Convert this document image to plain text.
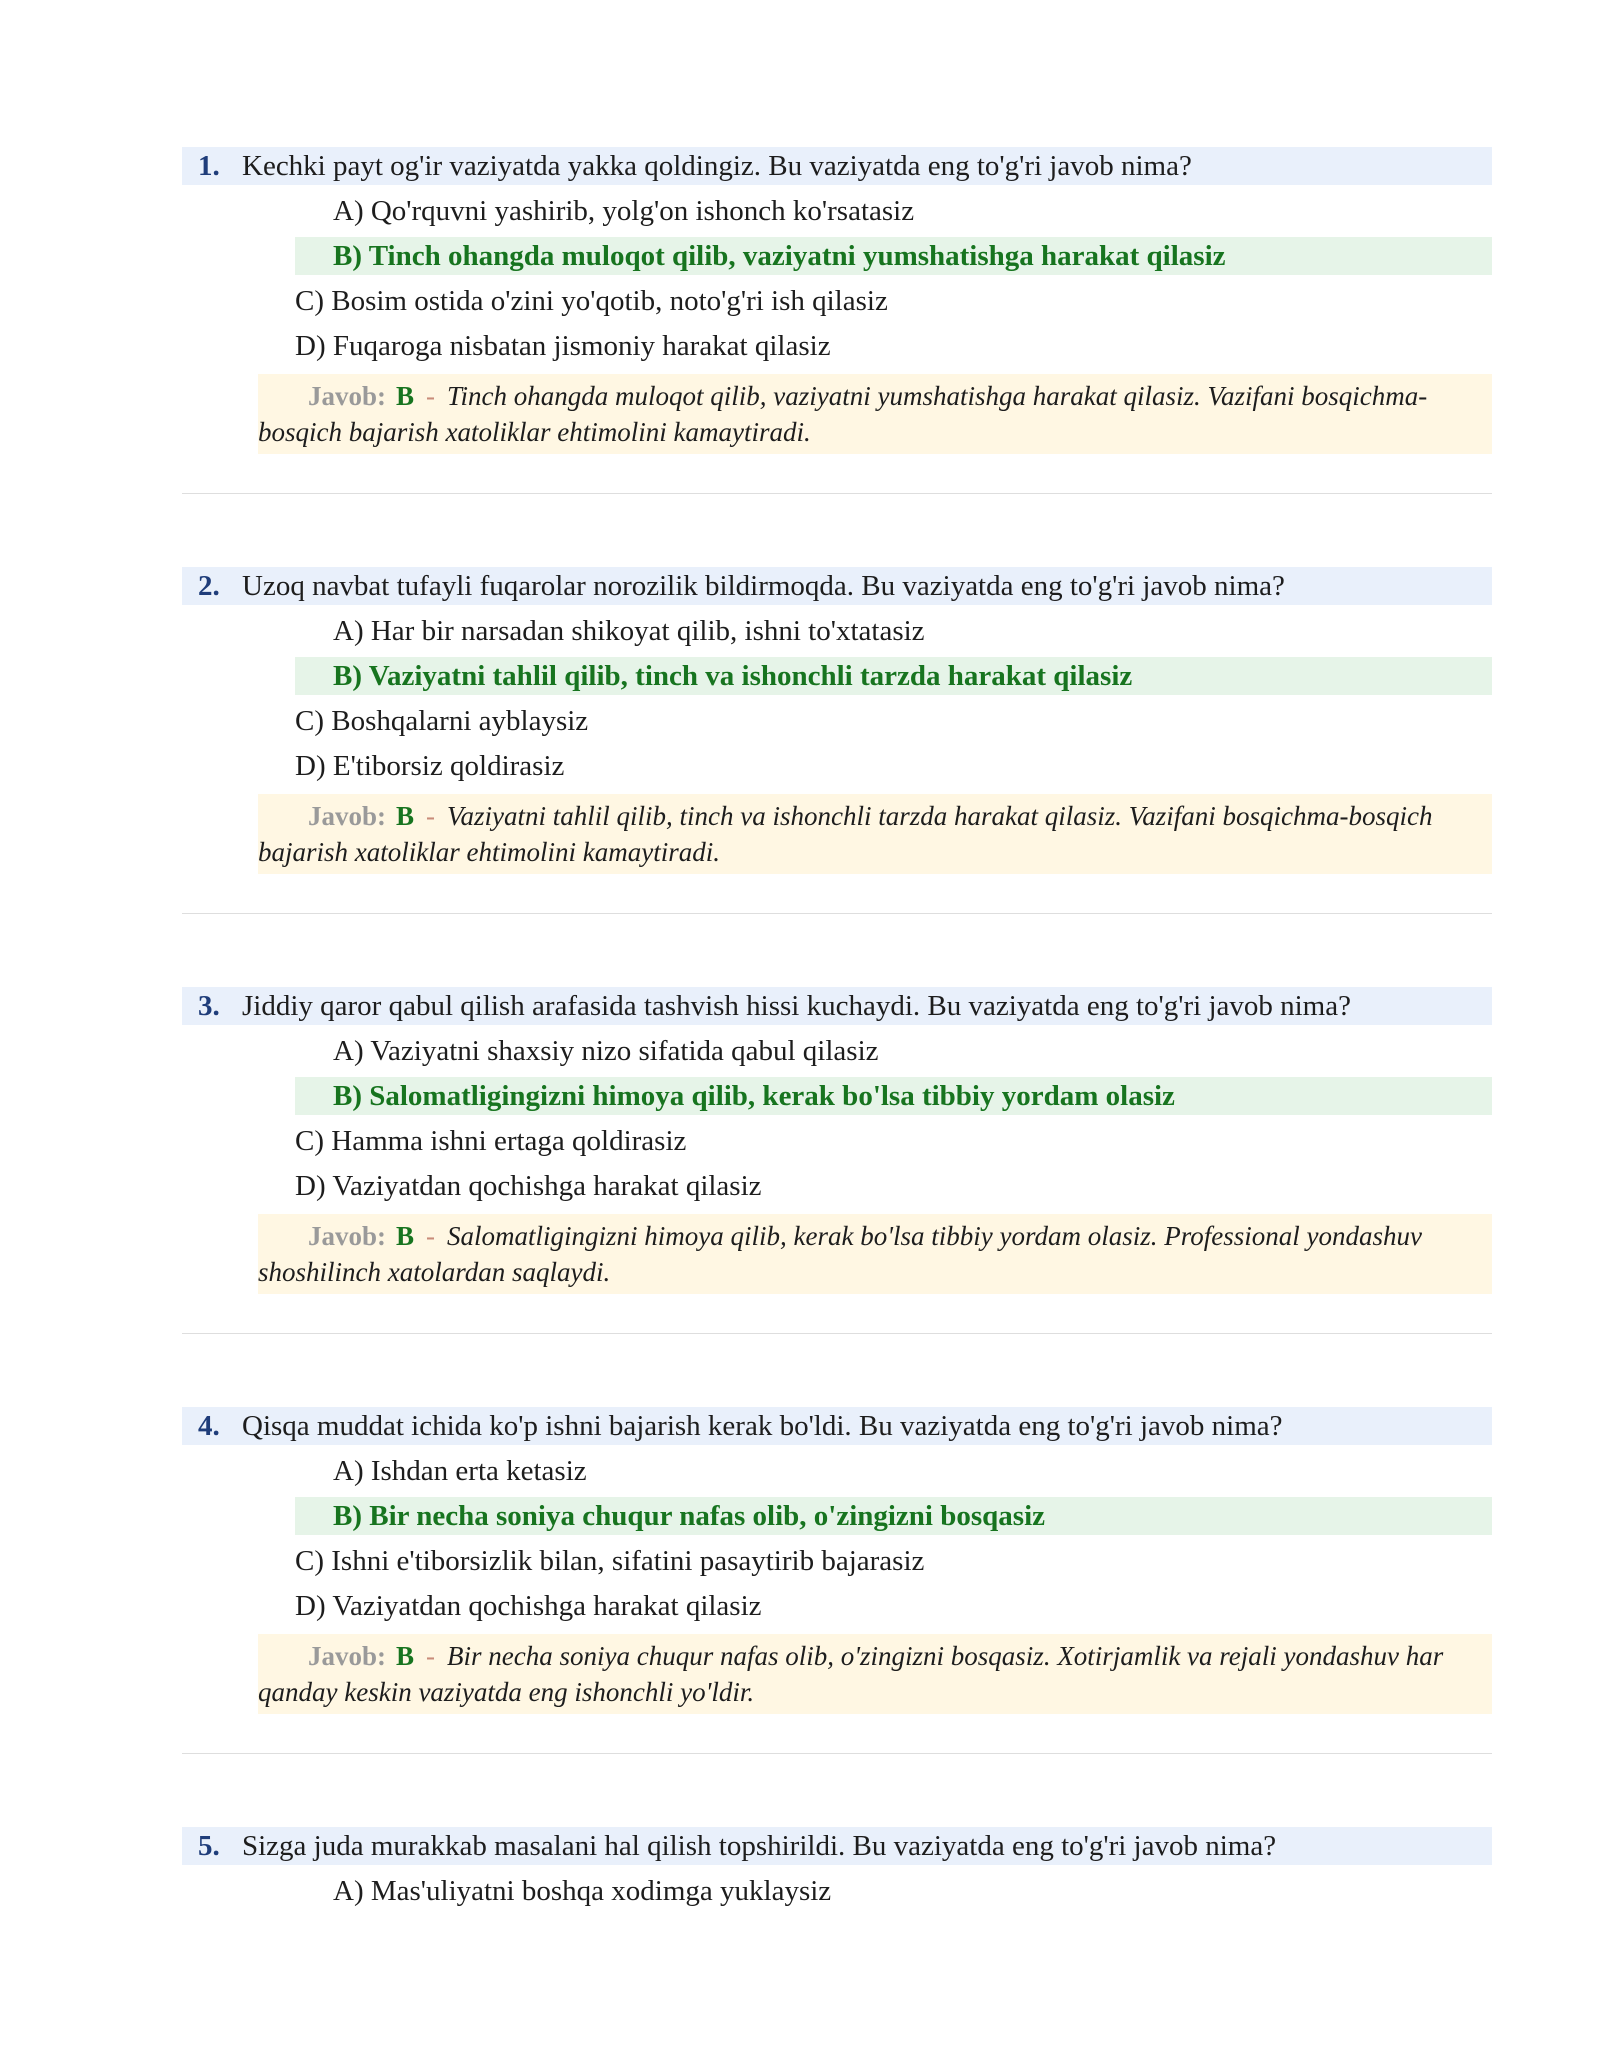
1. Kechki payt og'ir vaziyatda yakka qoldingiz. Bu vaziyatda eng to'g'ri javob nima?
A) Qo'rquvni yashirib, yolg'on ishonch ko'rsatasiz
B) Tinch ohangda muloqot qilib, vaziyatni yumshatishga harakat qilasiz
C) Bosim ostida o'zini yo'qotib, noto'g'ri ish qilasiz
D) Fuqaroga nisbatan jismoniy harakat qilasiz
Javob: B - Tinch ohangda muloqot qilib, vaziyatni yumshatishga harakat qilasiz. Vazifani bosqichma-bosqich bajarish xatoliklar ehtimolini kamaytiradi.
2. Uzoq navbat tufayli fuqarolar norozilik bildirmoqda. Bu vaziyatda eng to'g'ri javob nima?
A) Har bir narsadan shikoyat qilib, ishni to'xtatasiz
B) Vaziyatni tahlil qilib, tinch va ishonchli tarzda harakat qilasiz
C) Boshqalarni ayblaysiz
D) E'tiborsiz qoldirasiz
Javob: B - Vaziyatni tahlil qilib, tinch va ishonchli tarzda harakat qilasiz. Vazifani bosqichma-bosqich bajarish xatoliklar ehtimolini kamaytiradi.
3. Jiddiy qaror qabul qilish arafasida tashvish hissi kuchaydi. Bu vaziyatda eng to'g'ri javob nima?
A) Vaziyatni shaxsiy nizo sifatida qabul qilasiz
B) Salomatligingizni himoya qilib, kerak bo'lsa tibbiy yordam olasiz
C) Hamma ishni ertaga qoldirasiz
D) Vaziyatdan qochishga harakat qilasiz
Javob: B - Salomatligingizni himoya qilib, kerak bo'lsa tibbiy yordam olasiz. Professional yondashuv shoshilinch xatolardan saqlaydi.
4. Qisqa muddat ichida ko'p ishni bajarish kerak bo'ldi. Bu vaziyatda eng to'g'ri javob nima?
A) Ishdan erta ketasiz
B) Bir necha soniya chuqur nafas olib, o'zingizni bosqasiz
C) Ishni e'tiborsizlik bilan, sifatini pasaytirib bajarasiz
D) Vaziyatdan qochishga harakat qilasiz
Javob: B - Bir necha soniya chuqur nafas olib, o'zingizni bosqasiz. Xotirjamlik va rejali yondashuv har qanday keskin vaziyatda eng ishonchli yo'ldir.
5. Sizga juda murakkab masalani hal qilish topshirildi. Bu vaziyatda eng to'g'ri javob nima?
A) Mas'uliyatni boshqa xodimga yuklaysiz
